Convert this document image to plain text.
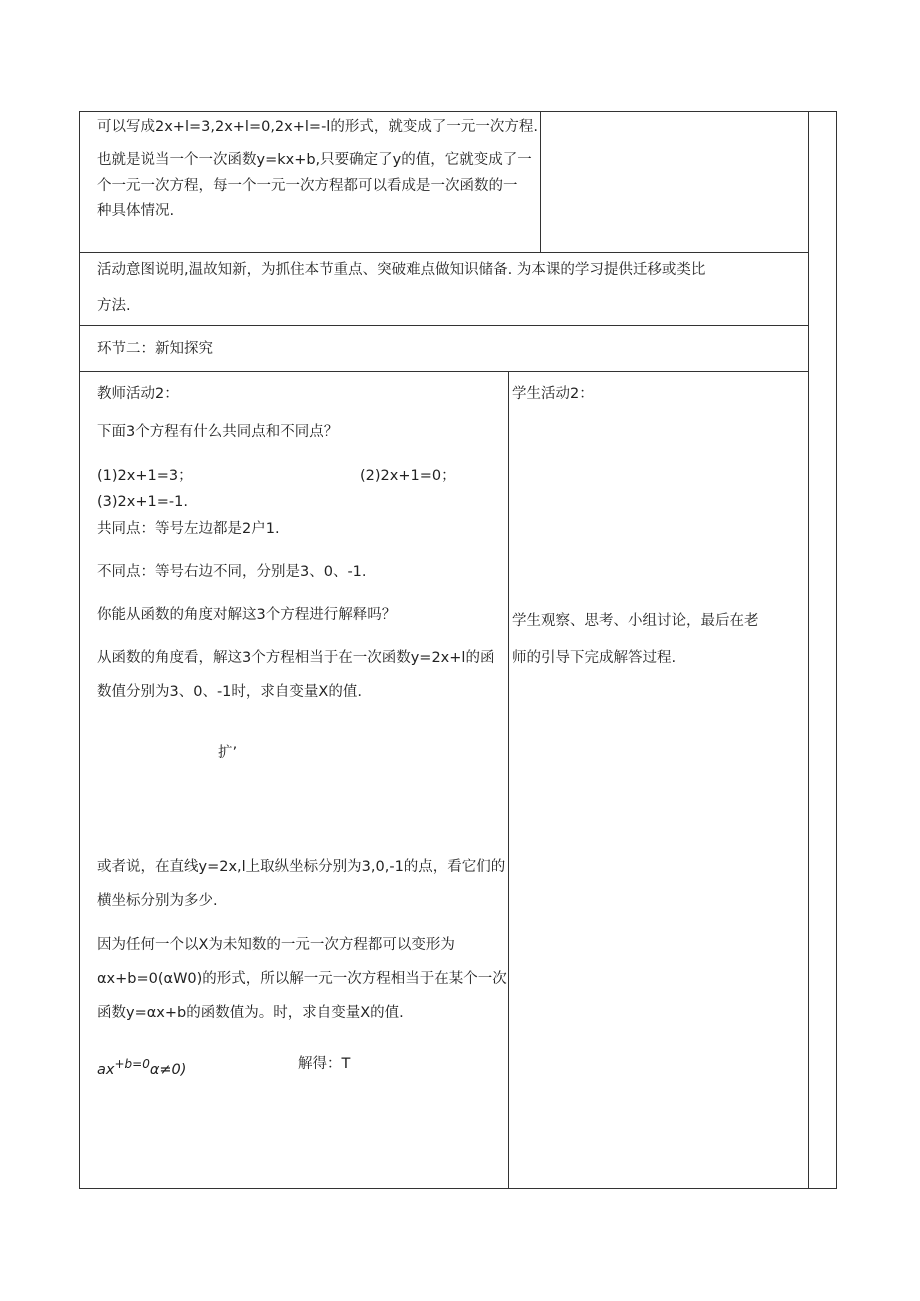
可以写成2x+l=3,2x+l=0,2x+l=-l的形式，就变成了一元一次方程.
也就是说当一个一次函数y=kx+b,只要确定了y的值，它就变成了一
个一元一次方程，每一个一元一次方程都可以看成是一次函数的一
种具体情况.
活动意图说明,温故知新，为抓住本节重点、突破难点做知识储备. 为本课的学习提供迁移或类比
方法.
环节二：新知探究
教师活动2：
下面3个方程有什么共同点和不同点？
(1)2x+1=3；	(2)2x+1=0；
(3)2x+1=-1.
共同点：等号左边都是2户1.
不同点：等号右边不同，分别是3、0、-1.
你能从函数的角度对解这3个方程进行解释吗？
从函数的角度看，解这3个方程相当于在一次函数y=2x+l的函
数值分别为3、0、-1时，求自变量X的值.
扩’
或者说，在直线y=2x,l上取纵坐标分别为3,0,-1的点，看它们的
横坐标分别为多少.
因为任何一个以X为未知数的一元一次方程都可以变形为
αx+b=0(αW0)的形式，所以解一元一次方程相当于在某个一次
函数y=αx+b的函数值为。时，求自变量X的值.
$ax^{+b=0}\alpha\ne 0$)	解得：T
学生活动2：
学生观察、思考、小组讨论，最后在老
师的引导下完成解答过程.
